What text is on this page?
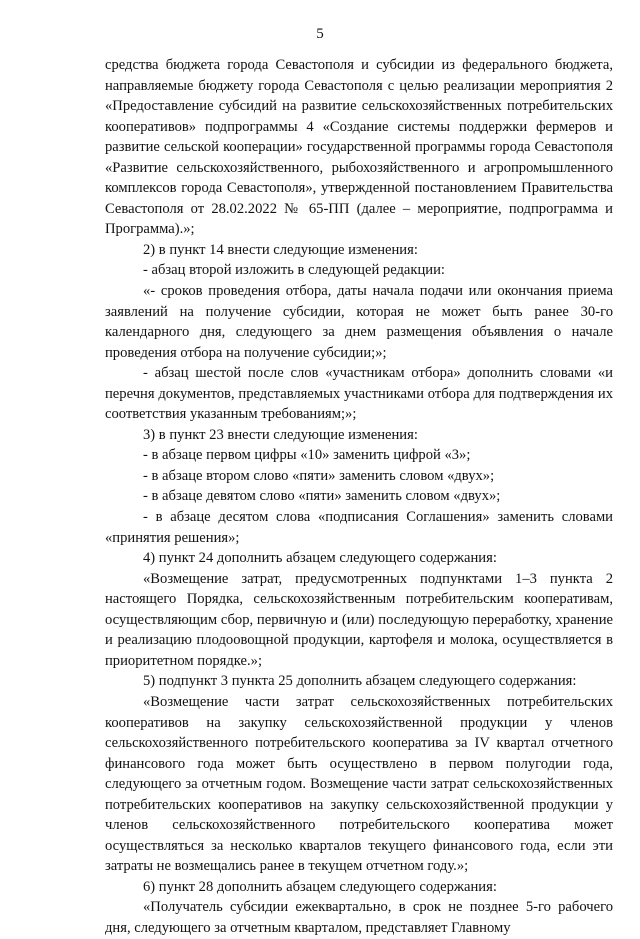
5

средства бюджета города Севастополя и субсидии из федерального бюджета, направляемые бюджету города Севастополя с целью реализации мероприятия 2 «Предоставление субсидий на развитие сельскохозяйственных потребительских кооперативов» подпрограммы 4 «Создание системы поддержки фермеров и развитие сельской кооперации» государственной программы города Севастополя «Развитие сельскохозяйственного, рыбохозяйственного и агропромышленного комплексов города Севастополя», утвержденной постановлением Правительства Севастополя от 28.02.2022 № 65-ПП (далее – мероприятие, подпрограмма и Программа).»;

2) в пункт 14 внести следующие изменения:

- абзац второй изложить в следующей редакции:

«- сроков проведения отбора, даты начала подачи или окончания приема заявлений на получение субсидии, которая не может быть ранее 30-го календарного дня, следующего за днем размещения объявления о начале проведения отбора на получение субсидии;»;

- абзац шестой после слов «участникам отбора» дополнить словами «и перечня документов, представляемых участниками отбора для подтверждения их соответствия указанным требованиям;»;

3) в пункт 23 внести следующие изменения:

- в абзаце первом цифры «10» заменить цифрой «3»;

- в абзаце втором слово «пяти» заменить словом «двух»;

- в абзаце девятом слово «пяти» заменить словом «двух»;

- в абзаце десятом слова «подписания Соглашения» заменить словами «принятия решения»;

4) пункт 24 дополнить абзацем следующего содержания:

«Возмещение затрат, предусмотренных подпунктами 1–3 пункта 2 настоящего Порядка, сельскохозяйственным потребительским кооперативам, осуществляющим сбор, первичную и (или) последующую переработку, хранение и реализацию плодоовощной продукции, картофеля и молока, осуществляется в приоритетном порядке.»;

5) подпункт 3 пункта 25 дополнить абзацем следующего содержания:

«Возмещение части затрат сельскохозяйственных потребительских кооперативов на закупку сельскохозяйственной продукции у членов сельскохозяйственного потребительского кооператива за IV квартал отчетного финансового года может быть осуществлено в первом полугодии года, следующего за отчетным годом. Возмещение части затрат сельскохозяйственных потребительских кооперативов на закупку сельскохозяйственной продукции у членов сельскохозяйственного потребительского кооператива может осуществляться за несколько кварталов текущего финансового года, если эти затраты не возмещались ранее в текущем отчетном году.»;

6) пункт 28 дополнить абзацем следующего содержания:

«Получатель субсидии ежеквартально, в срок не позднее 5-го рабочего дня, следующего за отчетным кварталом, представляет Главному
